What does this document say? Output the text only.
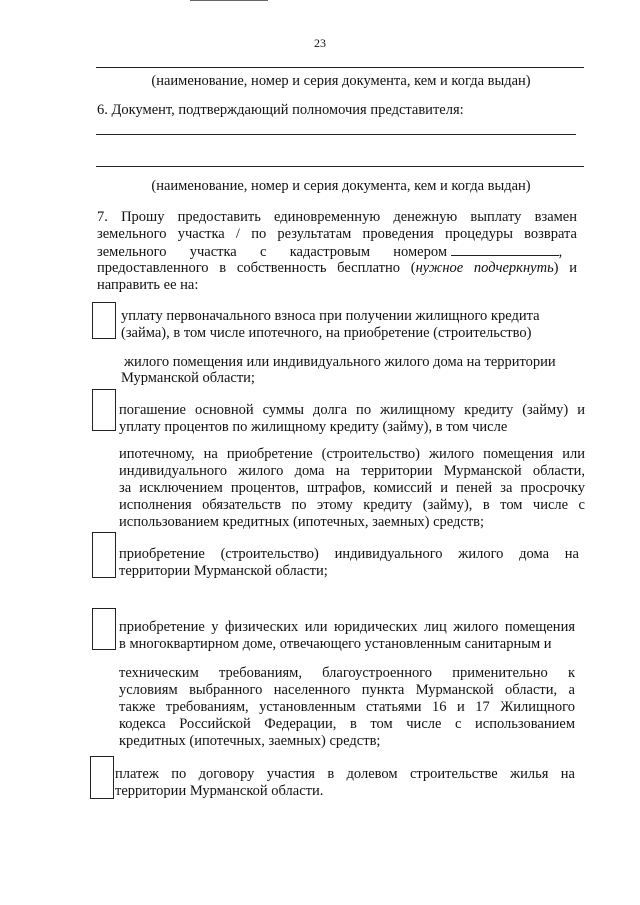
23
(наименование, номер и серия документа, кем и когда выдан)
6. Документ, подтверждающий полномочия представителя:
(наименование, номер и серия документа, кем и когда выдан)
7. Прошу предоставить единовременную денежную выплату взамен
земельного участка / по результатам проведения процедуры возврата
земельного участка с кадастровым номером	,
предоставленного в собственность бесплатно (нужное подчеркнуть) и
направить ее на:
уплату первоначального взноса при получении жилищного кредита
(займа), в том числе ипотечного, на приобретение (строительство)
жилого помещения или индивидуального жилого дома на территории
Мурманской области;
погашение основной суммы долга по жилищному кредиту (займу) и
уплату процентов по жилищному кредиту (займу), в том числе
ипотечному, на приобретение (строительство) жилого помещения или
индивидуального жилого дома на территории Мурманской области,
за исключением процентов, штрафов, комиссий и пеней за просрочку
исполнения обязательств по этому кредиту (займу), в том числе с
использованием кредитных (ипотечных, заемных) средств;
приобретение (строительство) индивидуального жилого дома на
территории Мурманской области;
приобретение у физических или юридических лиц жилого помещения
в многоквартирном доме, отвечающего установленным санитарным и
техническим требованиям, благоустроенного применительно к
условиям выбранного населенного пункта Мурманской области, а
также требованиям, установленным статьями 16 и 17 Жилищного
кодекса Российской Федерации, в том числе с использованием
кредитных (ипотечных, заемных) средств;
платеж по договору участия в долевом строительстве жилья на
территории Мурманской области.
